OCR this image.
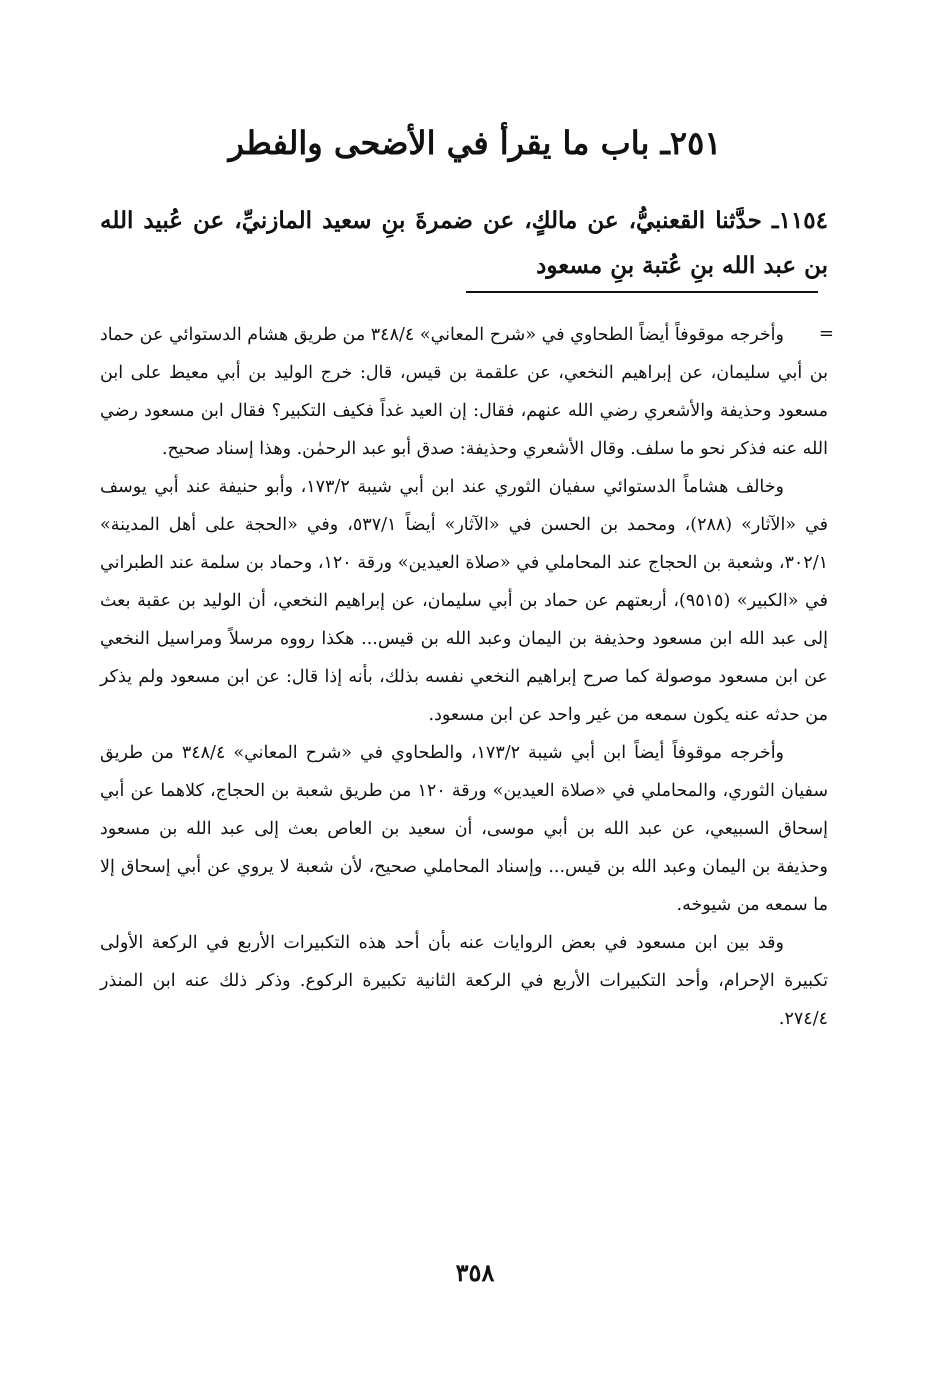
٢٥١ـ باب ما يقرأ في الأضحى والفطر
١١٥٤ـ حدَّثنا القعنبيُّ، عن مالكٍ، عن ضمرةَ بنِ سعيد المازنيِّ، عن عُبيد الله بن عبد الله بنِ عُتبة بنِ مسعود
=

وأخرجه موقوفاً أيضاً الطحاوي في «شرح المعاني» ٣٤٨/٤ من طريق هشام الدستوائي عن حماد بن أبي سليمان، عن إبراهيم النخعي، عن علقمة بن قيس، قال: خرج الوليد بن أبي معيط على ابن مسعود وحذيفة والأشعري رضي الله عنهم، فقال: إن العيد غداً فكيف التكبير؟ فقال ابن مسعود رضي الله عنه فذكر نحو ما سلف. وقال الأشعري وحذيفة: صدق أبو عبد الرحمٰن. وهذا إسناد صحيح.

وخالف هشاماً الدستوائي سفيان الثوري عند ابن أبي شيبة ١٧٣/٢، وأبو حنيفة عند أبي يوسف في «الآثار» (٢٨٨)، ومحمد بن الحسن في «الآثار» أيضاً ٥٣٧/١، وفي «الحجة على أهل المدينة» ٣٠٢/١، وشعبة بن الحجاج عند المحاملي في «صلاة العيدين» ورقة ١٢٠، وحماد بن سلمة عند الطبراني في «الكبير» (٩٥١٥)، أربعتهم عن حماد بن أبي سليمان، عن إبراهيم النخعي، أن الوليد بن عقبة بعث إلى عبد الله ابن مسعود وحذيفة بن اليمان وعبد الله بن قيس... هكذا رووه مرسلاً ومراسيل النخعي عن ابن مسعود موصولة كما صرح إبراهيم النخعي نفسه بذلك، بأنه إذا قال: عن ابن مسعود ولم يذكر من حدثه عنه يكون سمعه من غير واحد عن ابن مسعود.

وأخرجه موقوفاً أيضاً ابن أبي شيبة ١٧٣/٢، والطحاوي في «شرح المعاني» ٣٤٨/٤ من طريق سفيان الثوري، والمحاملي في «صلاة العيدين» ورقة ١٢٠ من طريق شعبة بن الحجاج، كلاهما عن أبي إسحاق السبيعي، عن عبد الله بن أبي موسى، أن سعيد بن العاص بعث إلى عبد الله بن مسعود وحذيفة بن اليمان وعبد الله بن قيس... وإسناد المحاملي صحيح، لأن شعبة لا يروي عن أبي إسحاق إلا ما سمعه من شيوخه.

وقد بين ابن مسعود في بعض الروايات عنه بأن أحد هذه التكبيرات الأربع في الركعة الأولى تكبيرة الإحرام، وأحد التكبيرات الأربع في الركعة الثانية تكبيرة الركوع. وذكر ذلك عنه ابن المنذر ٢٧٤/٤.

٣٥٨
